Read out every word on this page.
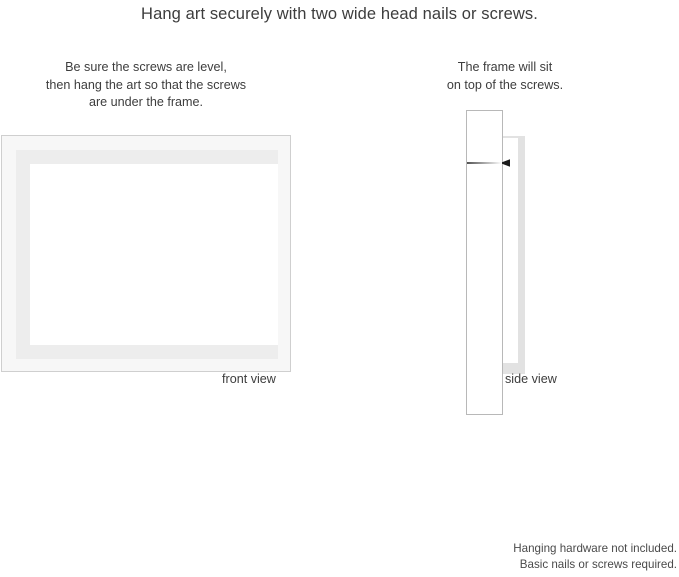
Hang art securely with two wide head nails or screws.
Be sure the screws are level,
then hang the art so that the screws
are under the frame.
front view
The frame will sit
on top of the screws.
side view
Hanging hardware not included.
Basic nails or screws required.
